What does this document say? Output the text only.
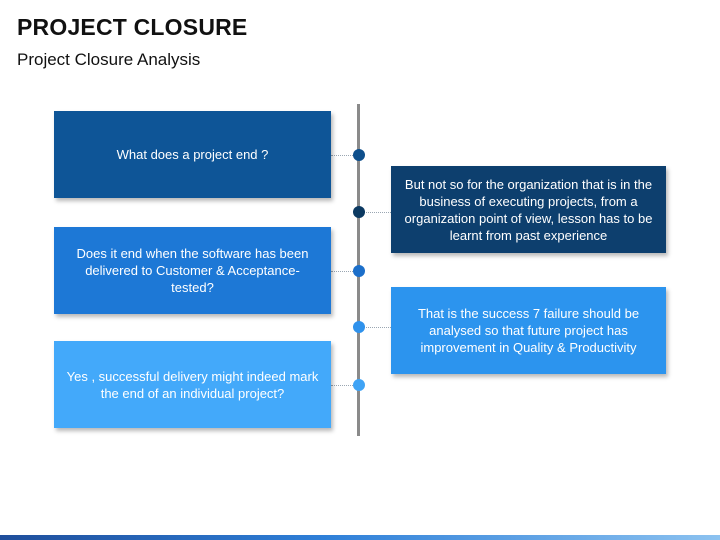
PROJECT CLOSURE
Project Closure Analysis
What does a project end ?
But not so for the organization that is in the business of executing projects, from a organization point of view, lesson has to be learnt from past experience
Does it end when the software has been delivered to Customer & Acceptance-tested?
That is the success 7 failure should be analysed so that future project has improvement in Quality & Productivity
Yes , successful delivery might indeed mark the end of an individual project?
